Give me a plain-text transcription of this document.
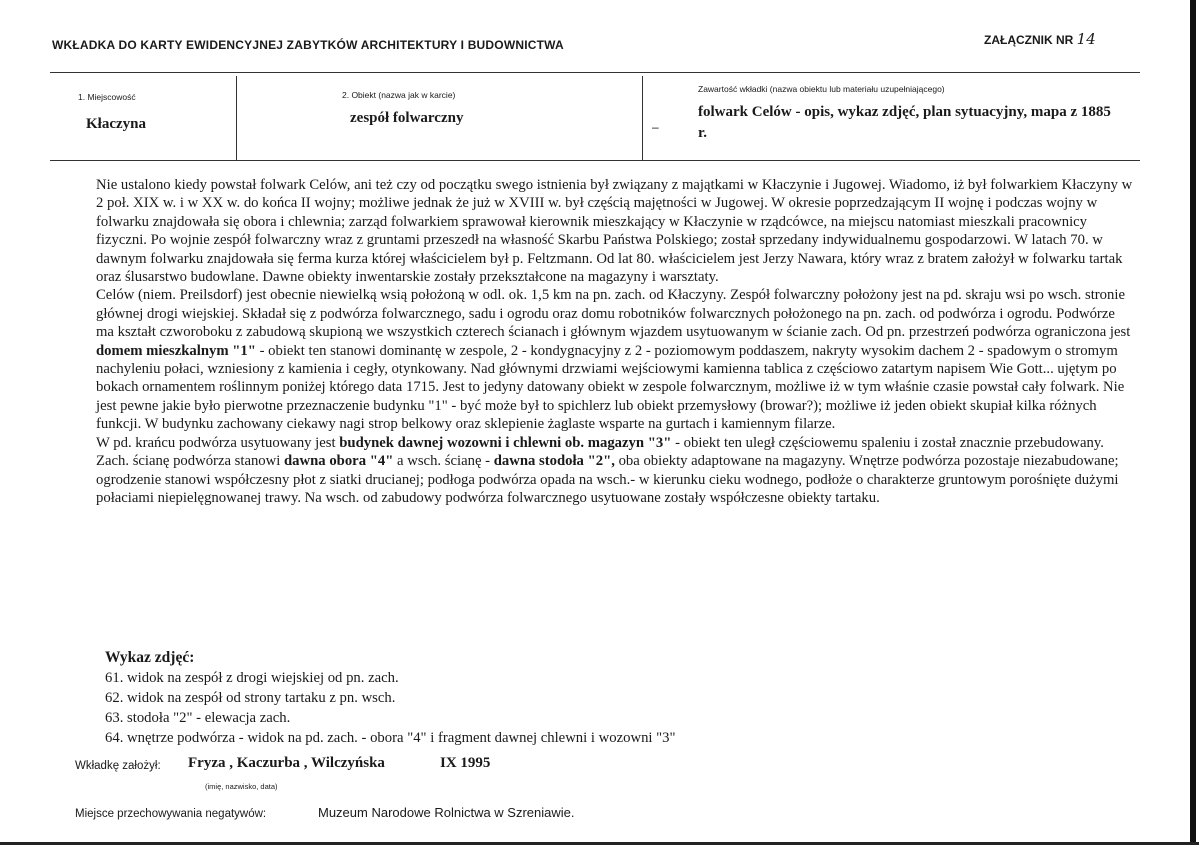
WKŁADKA DO KARTY EWIDENCYJNEJ ZABYTKÓW ARCHITEKTURY I BUDOWNICTWA	ZAŁĄCZNIK NR 14
1. Miejscowość
Kłaczyna
2. Obiekt (nazwa jak w karcie)
zespół folwarczny
Zawartość wkładki (nazwa obiektu lub materiału uzupełniającego)
–
folwark Celów - opis, wykaz zdjęć, plan sytuacyjny, mapa z 1885 r.

Nie ustalono kiedy powstał folwark Celów, ani też czy od początku swego istnienia był związany z majątkami w Kłaczynie i Jugowej. Wiadomo, iż był folwarkiem Kłaczyny w 2 poł. XIX w. i w XX w. do końca II wojny; możliwe jednak że już w XVIII w. był częścią majętności w Jugowej. W okresie poprzedzającym II wojnę i podczas wojny w folwarku znajdowała się obora i chlewnia; zarząd folwarkiem sprawował kierownik mieszkający w Kłaczynie w rządcówce, na miejscu natomiast mieszkali pracownicy fizyczni. Po wojnie zespół folwarczny wraz z gruntami przeszedł na własność Skarbu Państwa Polskiego; został sprzedany indywidualnemu gospodarzowi. W latach 70. w dawnym folwarku znajdowała się ferma kurza której właścicielem był p. Feltzmann. Od lat 80. właścicielem jest Jerzy Nawara, który wraz z bratem założył w folwarku tartak oraz ślusarstwo budowlane. Dawne obiekty inwentarskie zostały przekształcone na magazyny i warsztaty.

Celów (niem. Preilsdorf) jest obecnie niewielką wsią położoną w odl. ok. 1,5 km na pn. zach. od Kłaczyny. Zespół folwarczny położony jest na pd. skraju wsi po wsch. stronie głównej drogi wiejskiej. Składał się z podwórza folwarcznego, sadu i ogrodu oraz domu robotników folwarcznych położonego na pn. zach. od podwórza i ogrodu. Podwórze ma kształt czworoboku z zabudową skupioną we wszystkich czterech ścianach i głównym wjazdem usytuowanym w ścianie zach. Od pn. przestrzeń podwórza ograniczona jest domem mieszkalnym "1" - obiekt ten stanowi dominantę w zespole, 2 - kondygnacyjny z 2 - poziomowym poddaszem, nakryty wysokim dachem 2 - spadowym o stromym nachyleniu połaci, wzniesiony z kamienia i cegły, otynkowany. Nad głównymi drzwiami wejściowymi kamienna tablica z częściowo zatartym napisem Wie Gott... ujętym po bokach ornamentem roślinnym poniżej którego data 1715. Jest to jedyny datowany obiekt w zespole folwarcznym, możliwe iż w tym właśnie czasie powstał cały folwark. Nie jest pewne jakie było pierwotne przeznaczenie budynku "1" - być może był to spichlerz lub obiekt przemysłowy (browar?); możliwe iż jeden obiekt skupiał kilka różnych funkcji. W budynku zachowany ciekawy nagi strop belkowy oraz sklepienie żaglaste wsparte na gurtach i kamiennym filarze.

W pd. krańcu podwórza usytuowany jest budynek dawnej wozowni i chlewni ob. magazyn "3" - obiekt ten uległ częściowemu spaleniu i został znacznie przebudowany. Zach. ścianę podwórza stanowi dawna obora "4" a wsch. ścianę - dawna stodoła "2", oba obiekty adaptowane na magazyny. Wnętrze podwórza pozostaje niezabudowane; ogrodzenie stanowi współczesny płot z siatki drucianej; podłoga podwórza opada na wsch.- w kierunku cieku wodnego, podłoże o charakterze gruntowym porośnięte dużymi połaciami niepielęgnowanej trawy. Na wsch. od zabudowy podwórza folwarcznego usytuowane zostały współczesne obiekty tartaku.

Wykaz zdjęć:
61. widok na zespół z drogi wiejskiej od pn. zach.
62. widok na zespół od strony tartaku z pn. wsch.
63. stodoła "2" - elewacja zach.
64. wnętrze podwórza - widok na pd. zach. - obora "4" i fragment dawnej chlewni i wozowni "3"
Wkładkę założył: Fryza , Kaczurba , Wilczyńska	IX 1995
(imię, nazwisko, data)
Miejsce przechowywania negatywów:	Muzeum Narodowe Rolnictwa w Szreniawie.
